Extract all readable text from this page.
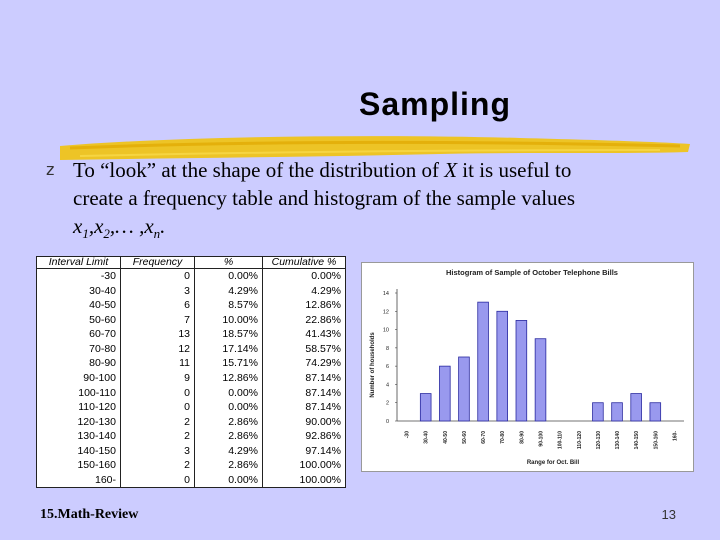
Sampling
z To “look” at the shape of the distribution of X it is useful to
create a frequency table and histogram of the sample values
$x_1,x_2,\dots$ $,x_n$.
Interval Limit	Frequency	%	Cumulative %
-30	0	0.00%	0.00%
30-40	3	4.29%	4.29%
40-50	6	8.57%	12.86%
50-60	7	10.00%	22.86%
60-70	13	18.57%	41.43%
70-80	12	17.14%	58.57%
80-90	11	15.71%	74.29%
90-100	9	12.86%	87.14%
100-110	0	0.00%	87.14%
110-120	0	0.00%	87.14%
120-130	2	2.86%	90.00%
130-140	2	2.86%	92.86%
140-150	3	4.29%	97.14%
150-160	2	2.86%	100.00%
160-	0	0.00%	100.00%
Histogram of Sample of October Telephone Bills
Number of households
Range for Oct. Bill
0
2
4
6
8
10
12
14
-30	30-40	40-50	50-60	60-70	70-80	80-90	90-100	100-110	110-120	120-130	130-140	140-150	150-160	160-
15.Math-Review	13
